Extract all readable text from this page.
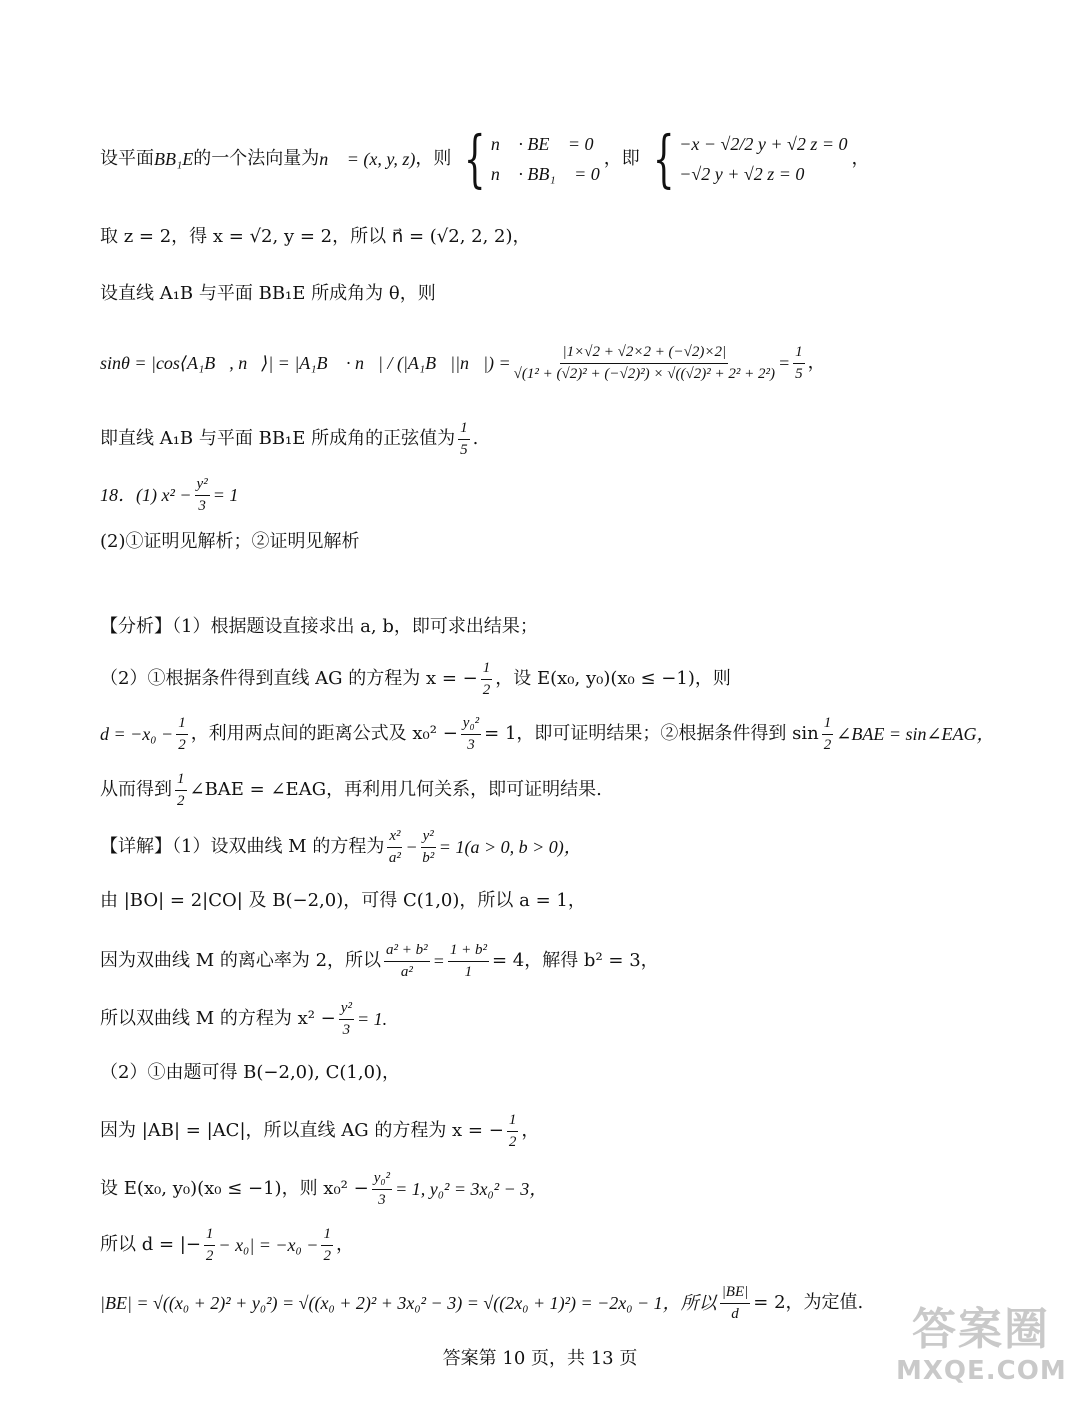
设平面 BB₁E 的一个法向量为 n⃗ = (x, y, z) ，则 { n⃗ · BE⃗ = 0
n⃗ · BB₁⃗ = 0
，即 { −x − √2/2 y + √2 z = 0
−√2 y + √2 z = 0
，
取 z = 2，得 x = √2, y = 2，所以 n⃗ = (√2, 2, 2)，
设直线 A₁B 与平面 BB₁E 所成角为 θ，则
sinθ = |cos⟨A₁B⃗, n⃗⟩| = |A₁B⃗ · n⃗| / (|A₁B⃗||n⃗|) = $\frac{|1\times√2 + √2\times 2 + (-√2)\times 2|}{\text{√(1² + (√2)² + (−√2)²) × √((√2)² + 2² + 2²)}} = \frac{1}{5}$ ，
即直线 A₁B 与平面 BB₁E 所成角的正弦值为 $\frac{1}{5}$ .
18．(1) $x^2 - \frac{\text{y²}}{3} = 1$
(2)①证明见解析；②证明见解析
【分析】（1）根据题设直接求出 a, b，即可求出结果；
（2）①根据条件得到直线 AG 的方程为 x = − $\frac{1}{2}$ ，设 E(x₀, y₀)(x₀ ≤ −1)，则
$d = -x_0 - \frac{1}{2}$ ，利用两点间的距离公式及 $x_0^2 - \frac{\text{y₀²}}{3} = 1$，即可证明结果；②根据条件得到 $\sin \frac{1}{2}$ ∠BAE = sin∠EAG，
从而得到 $\frac{1}{2}$ ∠BAE = ∠EAG，再利用几何关系，即可证明结果.
【详解】（1）设双曲线 M 的方程为 $\frac{\text{x²}}{\text{a²}} - \frac{\text{y²}}{\text{b²}} = 1(a > 0$, b > 0)，
由 |BO| = 2|CO| 及 B(−2,0)，可得 C(1,0)，所以 a = 1，
因为双曲线 M 的离心率为 2，所以 $\frac{\text{a² + b²}}{\text{a²}} = \frac{\text{1 + b²}}{1} = 4$，解得 b² = 3，
所以双曲线 M 的方程为 $x^2 - \frac{\text{y²}}{3} = 1$.
（2）①由题可得 B(−2,0), C(1,0)，
因为 |AB| = |AC|，所以直线 AG 的方程为 x = − $\frac{1}{2}$ ，
设 E(x₀, y₀)(x₀ ≤ −1)，则 $x_0^2 - \frac{\text{y₀²}}{3} = 1$, y₀² = 3x₀² − 3，
所以 d = |− $\frac{1}{2} - x_0| = -x_0 - \frac{1}{2}$ ，
|BE| = √((x₀ + 2)² + y₀²) = √((x₀ + 2)² + 3x₀² − 3) = √((2x₀ + 1)²) = −2x₀ − 1，所以 $\frac{|BE|}{d} = 2$，为定值.
答案第 10 页，共 13 页
答案圈
MXQE.COM
